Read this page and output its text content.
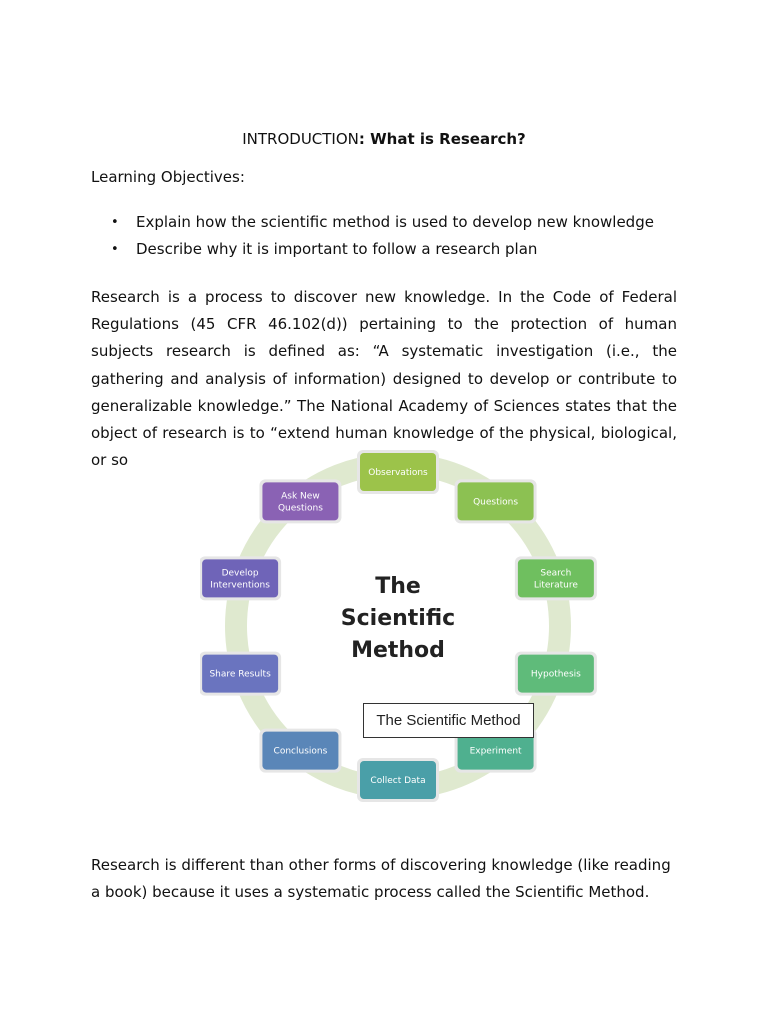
INTRODUCTION: What is Research?
Learning Objectives:
• Explain how the scientific method is used to develop new knowledge
• Describe why it is important to follow a research plan

Research is a process to discover new knowledge. In the Code of Federal Regulations (45 CFR 46.102(d)) pertaining to the protection of human subjects research is defined as: “A systematic investigation (i.e., the gathering and analysis of information) designed to develop or contribute to generalizable knowledge.” The National Academy of Sciences states that the object of research is to “extend human knowledge of the physical, biological, or so

The
Scientific
Method
Observations
Questions
Search
Literature
Hypothesis
Experiment
Collect Data
Conclusions
Share Results
Develop
Interventions
Ask New
Questions
The Scientific Method

Research is different than other forms of discovering knowledge (like reading a book) because it uses a systematic process called the Scientific Method.
